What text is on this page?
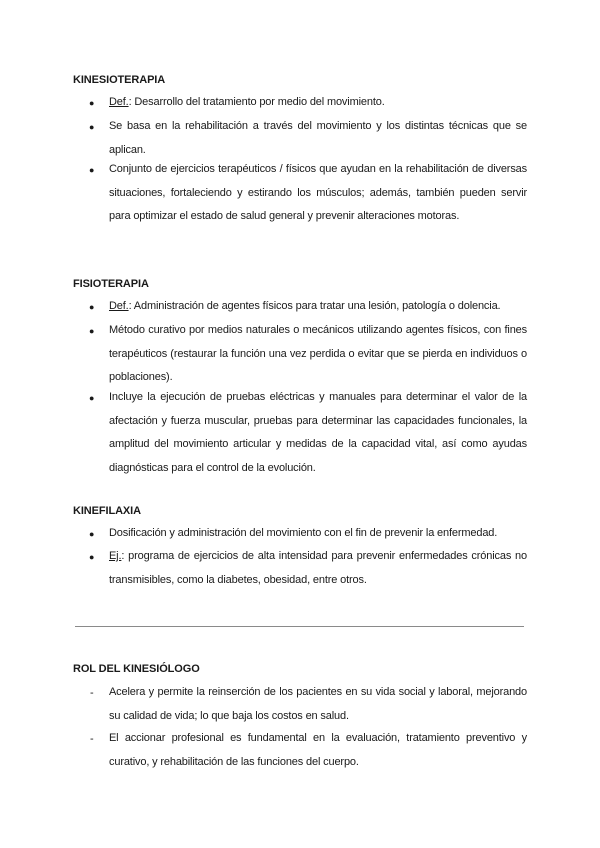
KINESIOTERAPIA
● Def.: Desarrollo del tratamiento por medio del movimiento.

● Se basa en la rehabilitación a través del movimiento y los distintas técnicas que se aplican.

● Conjunto de ejercicios terapéuticos / físicos que ayudan en la rehabilitación de diversas situaciones, fortaleciendo y estirando los músculos; además, también pueden servir para optimizar el estado de salud general y prevenir alteraciones motoras.

FISIOTERAPIA
● Def.: Administración de agentes físicos para tratar una lesión, patología o dolencia.

● Método curativo por medios naturales o mecánicos utilizando agentes físicos, con fines terapéuticos (restaurar la función una vez perdida o evitar que se pierda en individuos o poblaciones).

● Incluye la ejecución de pruebas eléctricas y manuales para determinar el valor de la afectación y fuerza muscular, pruebas para determinar las capacidades funcionales, la amplitud del movimiento articular y medidas de la capacidad vital, así como ayudas diagnósticas para el control de la evolución.

KINEFILAXIA
● Dosificación y administración del movimiento con el fin de prevenir la enfermedad.

● Ej.: programa de ejercicios de alta intensidad para prevenir enfermedades crónicas no transmisibles, como la diabetes, obesidad, entre otros.

ROL DEL KINESIÓLOGO
- Acelera y permite la reinserción de los pacientes en su vida social y laboral, mejorando su calidad de vida; lo que baja los costos en salud.

- El accionar profesional es fundamental en la evaluación, tratamiento preventivo y curativo, y rehabilitación de las funciones del cuerpo.
